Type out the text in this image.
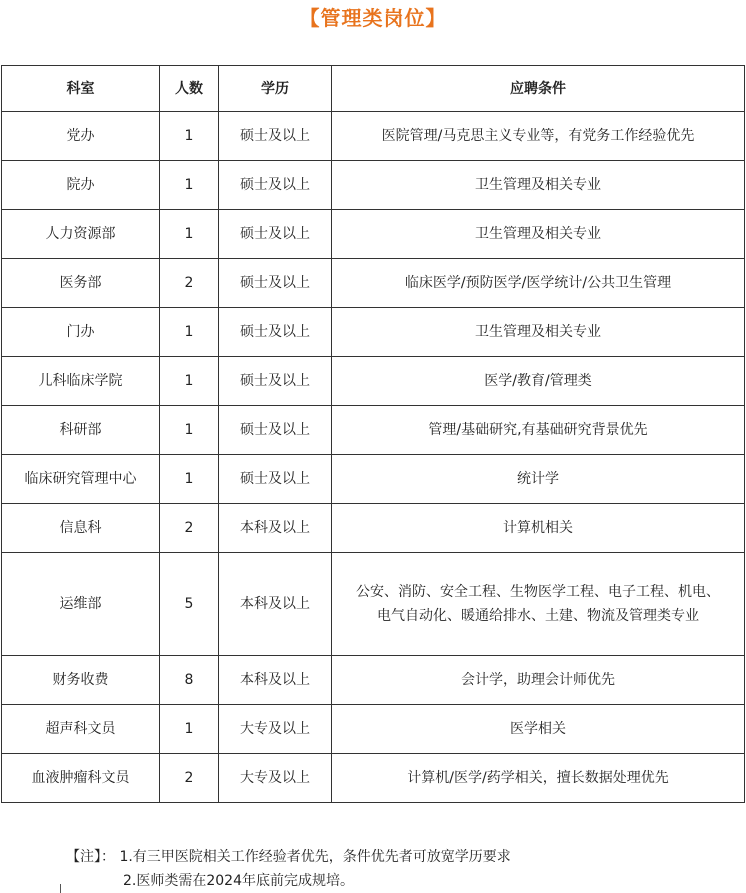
【管理类岗位】
科室	人数	学历	应聘条件
党办	1	硕士及以上	医院管理/马克思主义专业等，有党务工作经验优先
院办	1	硕士及以上	卫生管理及相关专业
人力资源部	1	硕士及以上	卫生管理及相关专业
医务部	2	硕士及以上	临床医学/预防医学/医学统计/公共卫生管理
门办	1	硕士及以上	卫生管理及相关专业
儿科临床学院	1	硕士及以上	医学/教育/管理类
科研部	1	硕士及以上	管理/基础研究,有基础研究背景优先
临床研究管理中心	1	硕士及以上	统计学
信息科	2	本科及以上	计算机相关
运维部	5	本科及以上	公安、消防、安全工程、生物医学工程、电子工程、机电、
电气自动化、暖通给排水、土建、物流及管理类专业

财务收费	8	本科及以上	会计学，助理会计师优先
超声科文员	1	大专及以上	医学相关
血液肿瘤科文员	2	大专及以上	计算机/医学/药学相关，擅长数据处理优先
【注】： 1.有三甲医院相关工作经验者优先，条件优先者可放宽学历要求
2.医师类需在2024年底前完成规培。
